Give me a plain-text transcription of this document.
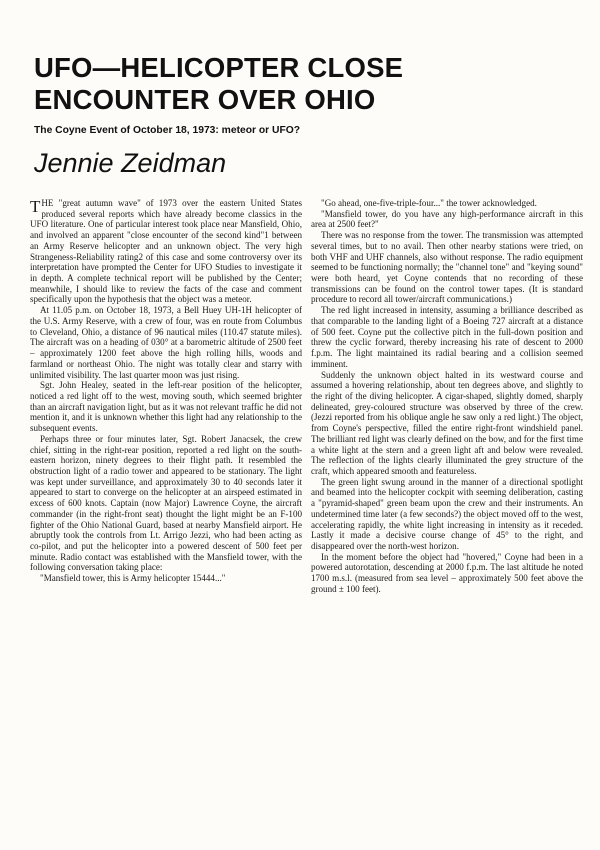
UFO—HELICOPTER CLOSE
ENCOUNTER OVER OHIO
The Coyne Event of October 18, 1973: meteor or UFO?
Jennie Zeidman

THE "great autumn wave" of 1973 over the eastern United States produced several reports which have already become classics in the UFO literature. One of particular interest took place near Mansfield, Ohio, and involved an apparent "close encounter of the second kind"1 between an Army Reserve helicopter and an unknown object. The very high Strangeness-Reliability rating2 of this case and some controversy over its interpretation have prompted the Center for UFO Studies to investigate it in depth. A complete technical report will be published by the Center; meanwhile, I should like to review the facts of the case and comment specifically upon the hypothesis that the object was a meteor.

At 11.05 p.m. on October 18, 1973, a Bell Huey UH-1H helicopter of the U.S. Army Reserve, with a crew of four, was en route from Columbus to Cleveland, Ohio, a distance of 96 nautical miles (110.47 statute miles). The aircraft was on a heading of 030° at a barometric altitude of 2500 feet – approximately 1200 feet above the high rolling hills, woods and farmland or northeast Ohio. The night was totally clear and starry with unlimited visibility. The last quarter moon was just rising.

Sgt. John Healey, seated in the left-rear position of the helicopter, noticed a red light off to the west, moving south, which seemed brighter than an aircraft navigation light, but as it was not relevant traffic he did not mention it, and it is unknown whether this light had any relationship to the subsequent events.

Perhaps three or four minutes later, Sgt. Robert Janacsek, the crew chief, sitting in the right-rear position, reported a red light on the south-eastern horizon, ninety degrees to their flight path. It resembled the obstruction light of a radio tower and appeared to be stationary. The light was kept under surveillance, and approximately 30 to 40 seconds later it appeared to start to converge on the helicopter at an airspeed estimated in excess of 600 knots. Captain (now Major) Lawrence Coyne, the aircraft commander (in the right-front seat) thought the light might be an F-100 fighter of the Ohio National Guard, based at nearby Mansfield airport. He abruptly took the controls from Lt. Arrigo Jezzi, who had been acting as co-pilot, and put the helicopter into a powered descent of 500 feet per minute. Radio contact was established with the Mansfield tower, with the following conversation taking place:

"Mansfield tower, this is Army helicopter 15444..."

"Go ahead, one-five-triple-four..." the tower acknowledged.

"Mansfield tower, do you have any high-performance aircraft in this area at 2500 feet?"

There was no response from the tower. The transmission was attempted several times, but to no avail. Then other nearby stations were tried, on both VHF and UHF channels, also without response. The radio equipment seemed to be functioning normally; the "channel tone" and "keying sound" were both heard, yet Coyne contends that no recording of these transmissions can be found on the control tower tapes. (It is standard procedure to record all tower/aircraft communications.)

The red light increased in intensity, assuming a brilliance described as that comparable to the landing light of a Boeing 727 aircraft at a distance of 500 feet. Coyne put the collective pitch in the full-down position and threw the cyclic forward, thereby increasing his rate of descent to 2000 f.p.m. The light maintained its radial bearing and a collision seemed imminent.

Suddenly the unknown object halted in its westward course and assumed a hovering relationship, about ten degrees above, and slightly to the right of the diving helicopter. A cigar-shaped, slightly domed, sharply delineated, grey-coloured structure was observed by three of the crew. (Jezzi reported from his oblique angle he saw only a red light.) The object, from Coyne's perspective, filled the entire right-front windshield panel. The brilliant red light was clearly defined on the bow, and for the first time a white light at the stern and a green light aft and below were revealed. The reflection of the lights clearly illuminated the grey structure of the craft, which appeared smooth and featureless.

The green light swung around in the manner of a directional spotlight and beamed into the helicopter cockpit with seeming deliberation, casting a "pyramid-shaped" green beam upon the crew and their instruments. An undetermined time later (a few seconds?) the object moved off to the west, accelerating rapidly, the white light increasing in intensity as it receded. Lastly it made a decisive course change of 45° to the right, and disappeared over the north-west horizon.

In the moment before the object had "hovered," Coyne had been in a powered autorotation, descending at 2000 f.p.m. The last altitude he noted 1700 m.s.l. (measured from sea level – approximately 500 feet above the ground ± 100 feet).
